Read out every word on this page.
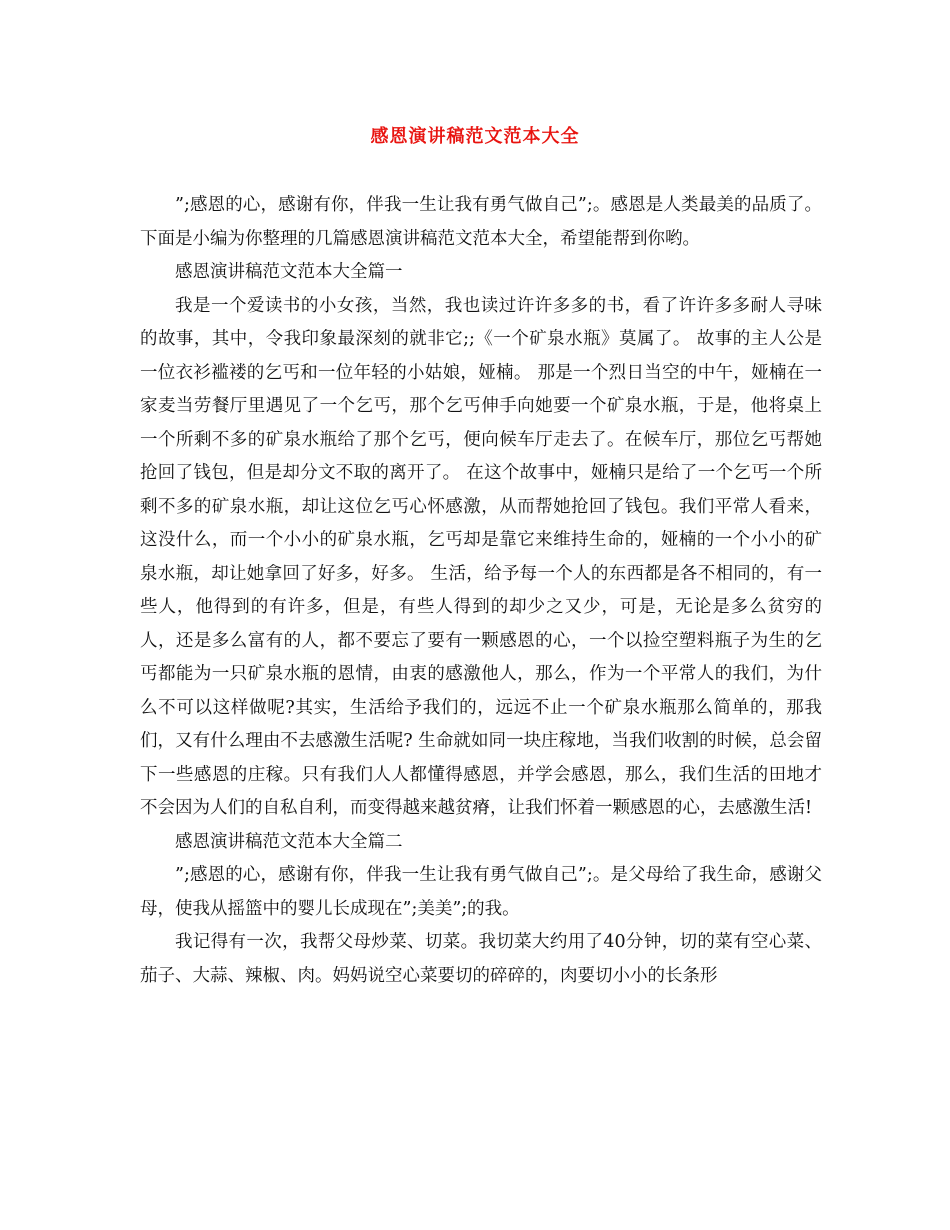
感恩演讲稿范文范本大全

”;感恩的心，感谢有你，伴我一生让我有勇气做自己”;。感恩是人类最美的品质了。下面是小编为你整理的几篇感恩演讲稿范文范本大全，希望能帮到你哟。

感恩演讲稿范文范本大全篇一

我是一个爱读书的小女孩，当然，我也读过许许多多的书，看了许许多多耐人寻味的故事，其中，令我印象最深刻的就非它;;《一个矿泉水瓶》莫属了。 故事的主人公是一位衣衫褴褛的乞丐和一位年轻的小姑娘，娅楠。 那是一个烈日当空的中午，娅楠在一家麦当劳餐厅里遇见了一个乞丐，那个乞丐伸手向她要一个矿泉水瓶，于是，他将桌上一个所剩不多的矿泉水瓶给了那个乞丐，便向候车厅走去了。在候车厅，那位乞丐帮她抢回了钱包，但是却分文不取的离开了。 在这个故事中，娅楠只是给了一个乞丐一个所剩不多的矿泉水瓶，却让这位乞丐心怀感激，从而帮她抢回了钱包。我们平常人看来，这没什么，而一个小小的矿泉水瓶，乞丐却是靠它来维持生命的，娅楠的一个小小的矿泉水瓶，却让她拿回了好多，好多。 生活，给予每一个人的东西都是各不相同的，有一些人，他得到的有许多，但是，有些人得到的却少之又少，可是，无论是多么贫穷的人，还是多么富有的人，都不要忘了要有一颗感恩的心，一个以捡空塑料瓶子为生的乞丐都能为一只矿泉水瓶的恩情，由衷的感激他人，那么，作为一个平常人的我们，为什么不可以这样做呢?其实，生活给予我们的，远远不止一个矿泉水瓶那么简单的，那我们，又有什么理由不去感激生活呢? 生命就如同一块庄稼地，当我们收割的时候，总会留下一些感恩的庄稼。只有我们人人都懂得感恩，并学会感恩，那么，我们生活的田地才不会因为人们的自私自利，而变得越来越贫瘠，让我们怀着一颗感恩的心，去感激生活!

感恩演讲稿范文范本大全篇二

”;感恩的心，感谢有你，伴我一生让我有勇气做自己”;。是父母给了我生命，感谢父母，使我从摇篮中的婴儿长成现在”;美美”;的我。

我记得有一次，我帮父母炒菜、切菜。我切菜大约用了40分钟，切的菜有空心菜、茄子、大蒜、辣椒、肉。妈妈说空心菜要切的碎碎的，肉要切小小的长条形
